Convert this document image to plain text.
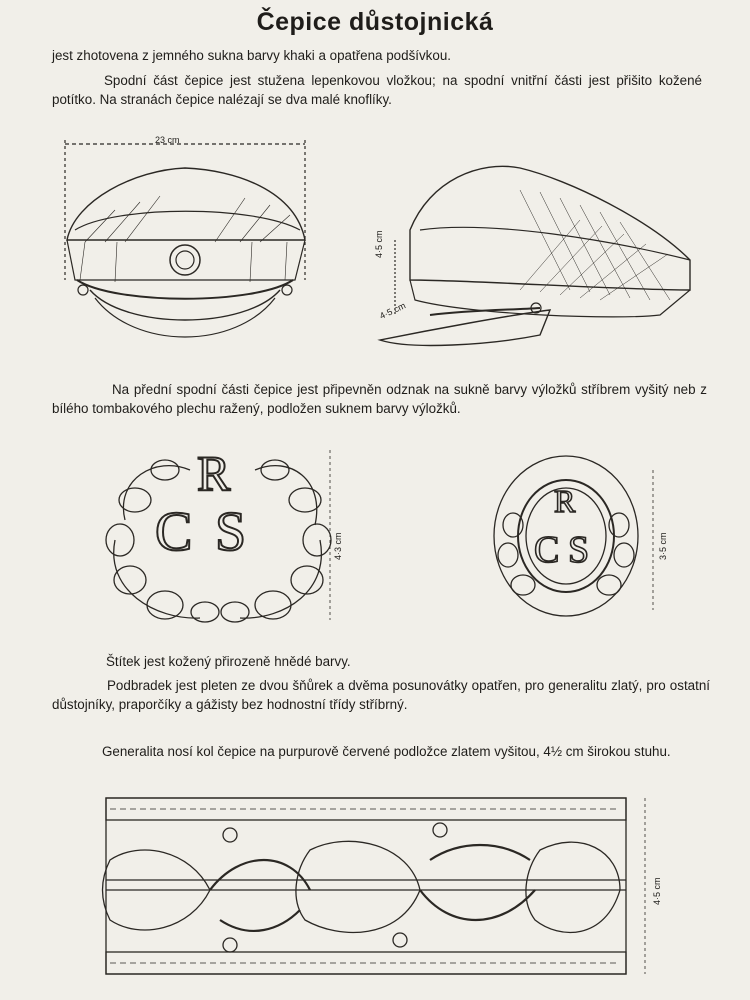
Čepice důstojnická

jest zhotovena z jemného sukna barvy khaki a opatřena podšívkou.

Spodní část čepice jest stužena lepenkovou vložkou; na spodní vnitřní části jest přišito kožené potítko. Na stranách čepice nalézají se dva malé knoflíky.

23 cm
4·5 cm
4·5 cm

Na přední spodní části čepice jest připevněn odznak na sukně barvy výložků stříbrem vyšitý neb z bílého tombakového plechu ražený, podložen suknem barvy výložků.

R
C S	4·3 cm
R
C S	3·5 cm

Štítek jest kožený přirozeně hnědé barvy.

Podbradek jest pleten ze dvou šňůrek a dvěma posunovátky opatřen, pro generalitu zlatý, pro ostatní důstojníky, praporčíky a gážisty bez hodnostní třídy stříbrný.

Generalita nosí kol čepice na purpurově červené podložce zlatem vyšitou, 4½ cm širokou stuhu.

4·5 cm
